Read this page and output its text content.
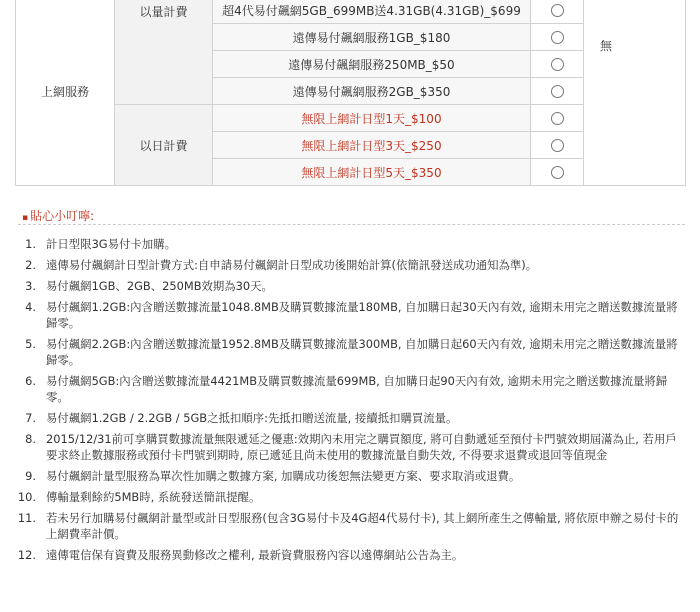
上網服務	以量計費	超4代易付飆網5GB_699MB送4.31GB(4.31GB)_$699		無
		遠傳易付飆網服務1GB_$180		
		遠傳易付飆網服務250MB_$50		
		遠傳易付飆網服務2GB_$350		
	以日計費	無限上網計日型1天_$100		
		無限上網計日型3天_$250		
		無限上網計日型5天_$350		
▪ 貼心小叮嚀:
1. 計日型限3G易付卡加購。
2. 遠傳易付飆網計日型計費方式:自申請易付飆網計日型成功後開始計算(依簡訊發送成功通知為準)。
3. 易付飆網1GB、2GB、250MB效期為30天。
4. 易付飆網1.2GB:內含贈送數據流量1048.8MB及購買數據流量180MB, 自加購日起30天內有效, 逾期未用完之贈送數據流量將歸零。
5. 易付飆網2.2GB:內含贈送數據流量1952.8MB及購買數據流量300MB, 自加購日起60天內有效, 逾期未用完之贈送數據流量將歸零。
6. 易付飆網5GB:內含贈送數據流量4421MB及購買數據流量699MB, 自加購日起90天內有效, 逾期未用完之贈送數據流量將歸零。
7. 易付飆網1.2GB / 2.2GB / 5GB之抵扣順序:先抵扣贈送流量, 接續抵扣購買流量。
8. 2015/12/31前可享購買數據流量無限遞延之優惠:效期內未用完之購買額度, 將可自動遞延至預付卡門號效期屆滿為止, 若用戶要求終止數據服務或預付卡門號到期時, 原已遞延且尚未使用的數據流量自動失效, 不得要求退費或退回等值現金
9. 易付飆網計量型服務為單次性加購之數據方案, 加購成功後恕無法變更方案、要求取消或退費。
10. 傳輸量剩餘約5MB時, 系統發送簡訊提醒。
11. 若未另行加購易付飆網計量型或計日型服務(包含3G易付卡及4G超4代易付卡), 其上網所產生之傳輸量, 將依原申辦之易付卡的上網費率計價。
12. 遠傳電信保有資費及服務異動修改之權利, 最新資費服務內容以遠傳網站公告為主。
